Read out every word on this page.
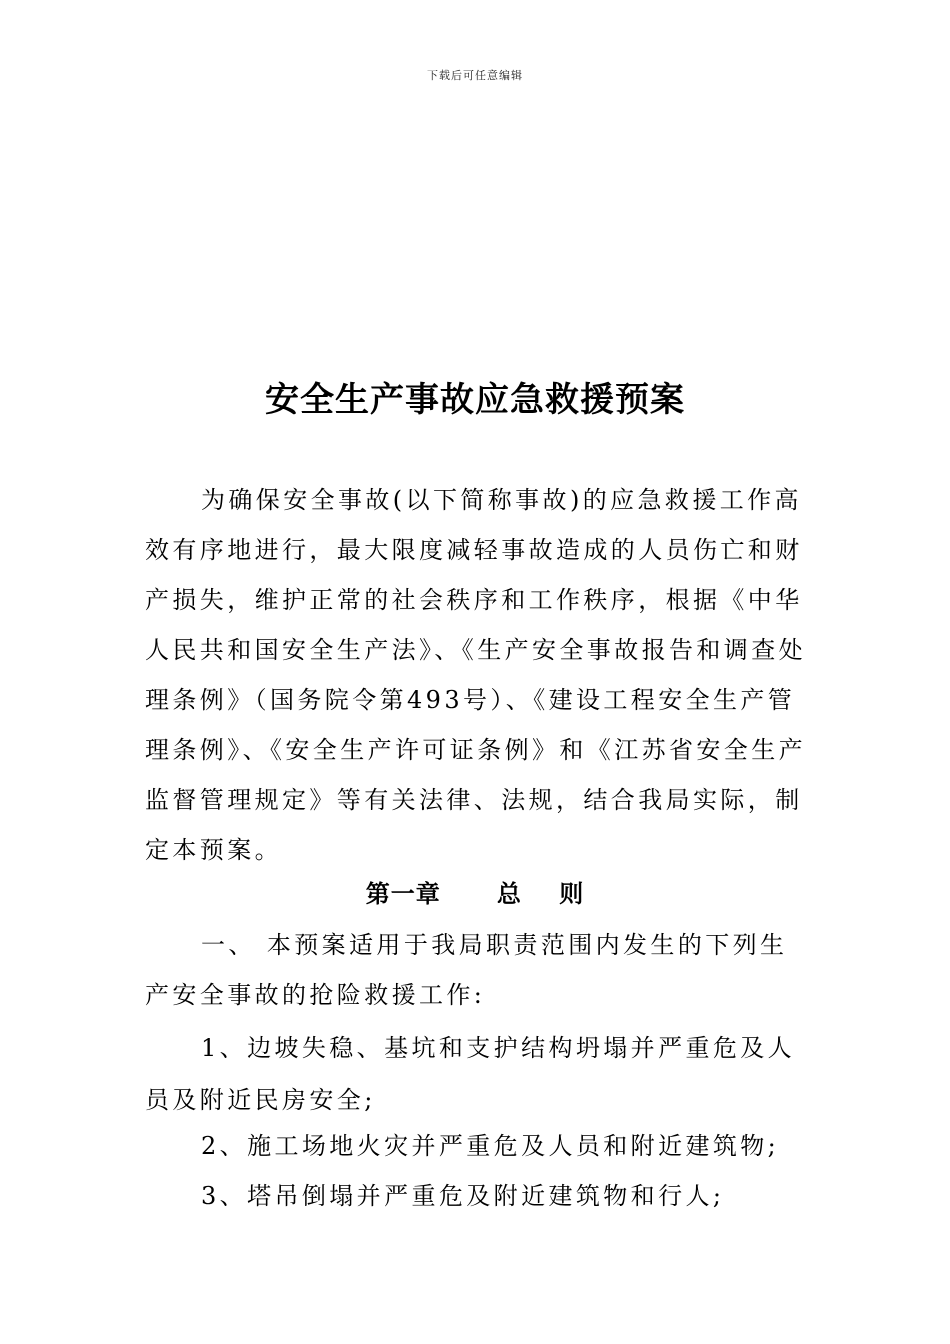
下载后可任意编辑
安全生产事故应急救援预案
为确保安全事故(以下简称事故)的应急救援工作高效有序地进行，最大限度减轻事故造成的人员伤亡和财产损失，维护正常的社会秩序和工作秩序，根据《中华人民共和国安全生产法》、《生产安全事故报告和调查处理条例》（国务院令第493号）、《建设工程安全生产管理条例》、《安全生产许可证条例》和《江苏省安全生产监督管理规定》等有关法律、法规，结合我局实际，制定本预案。
第一章      总    则
一、 本预案适用于我局职责范围内发生的下列生产安全事故的抢险救援工作:
1、边坡失稳、基坑和支护结构坍塌并严重危及人员及附近民房安全;
2、施工场地火灾并严重危及人员和附近建筑物;
3、塔吊倒塌并严重危及附近建筑物和行人;
